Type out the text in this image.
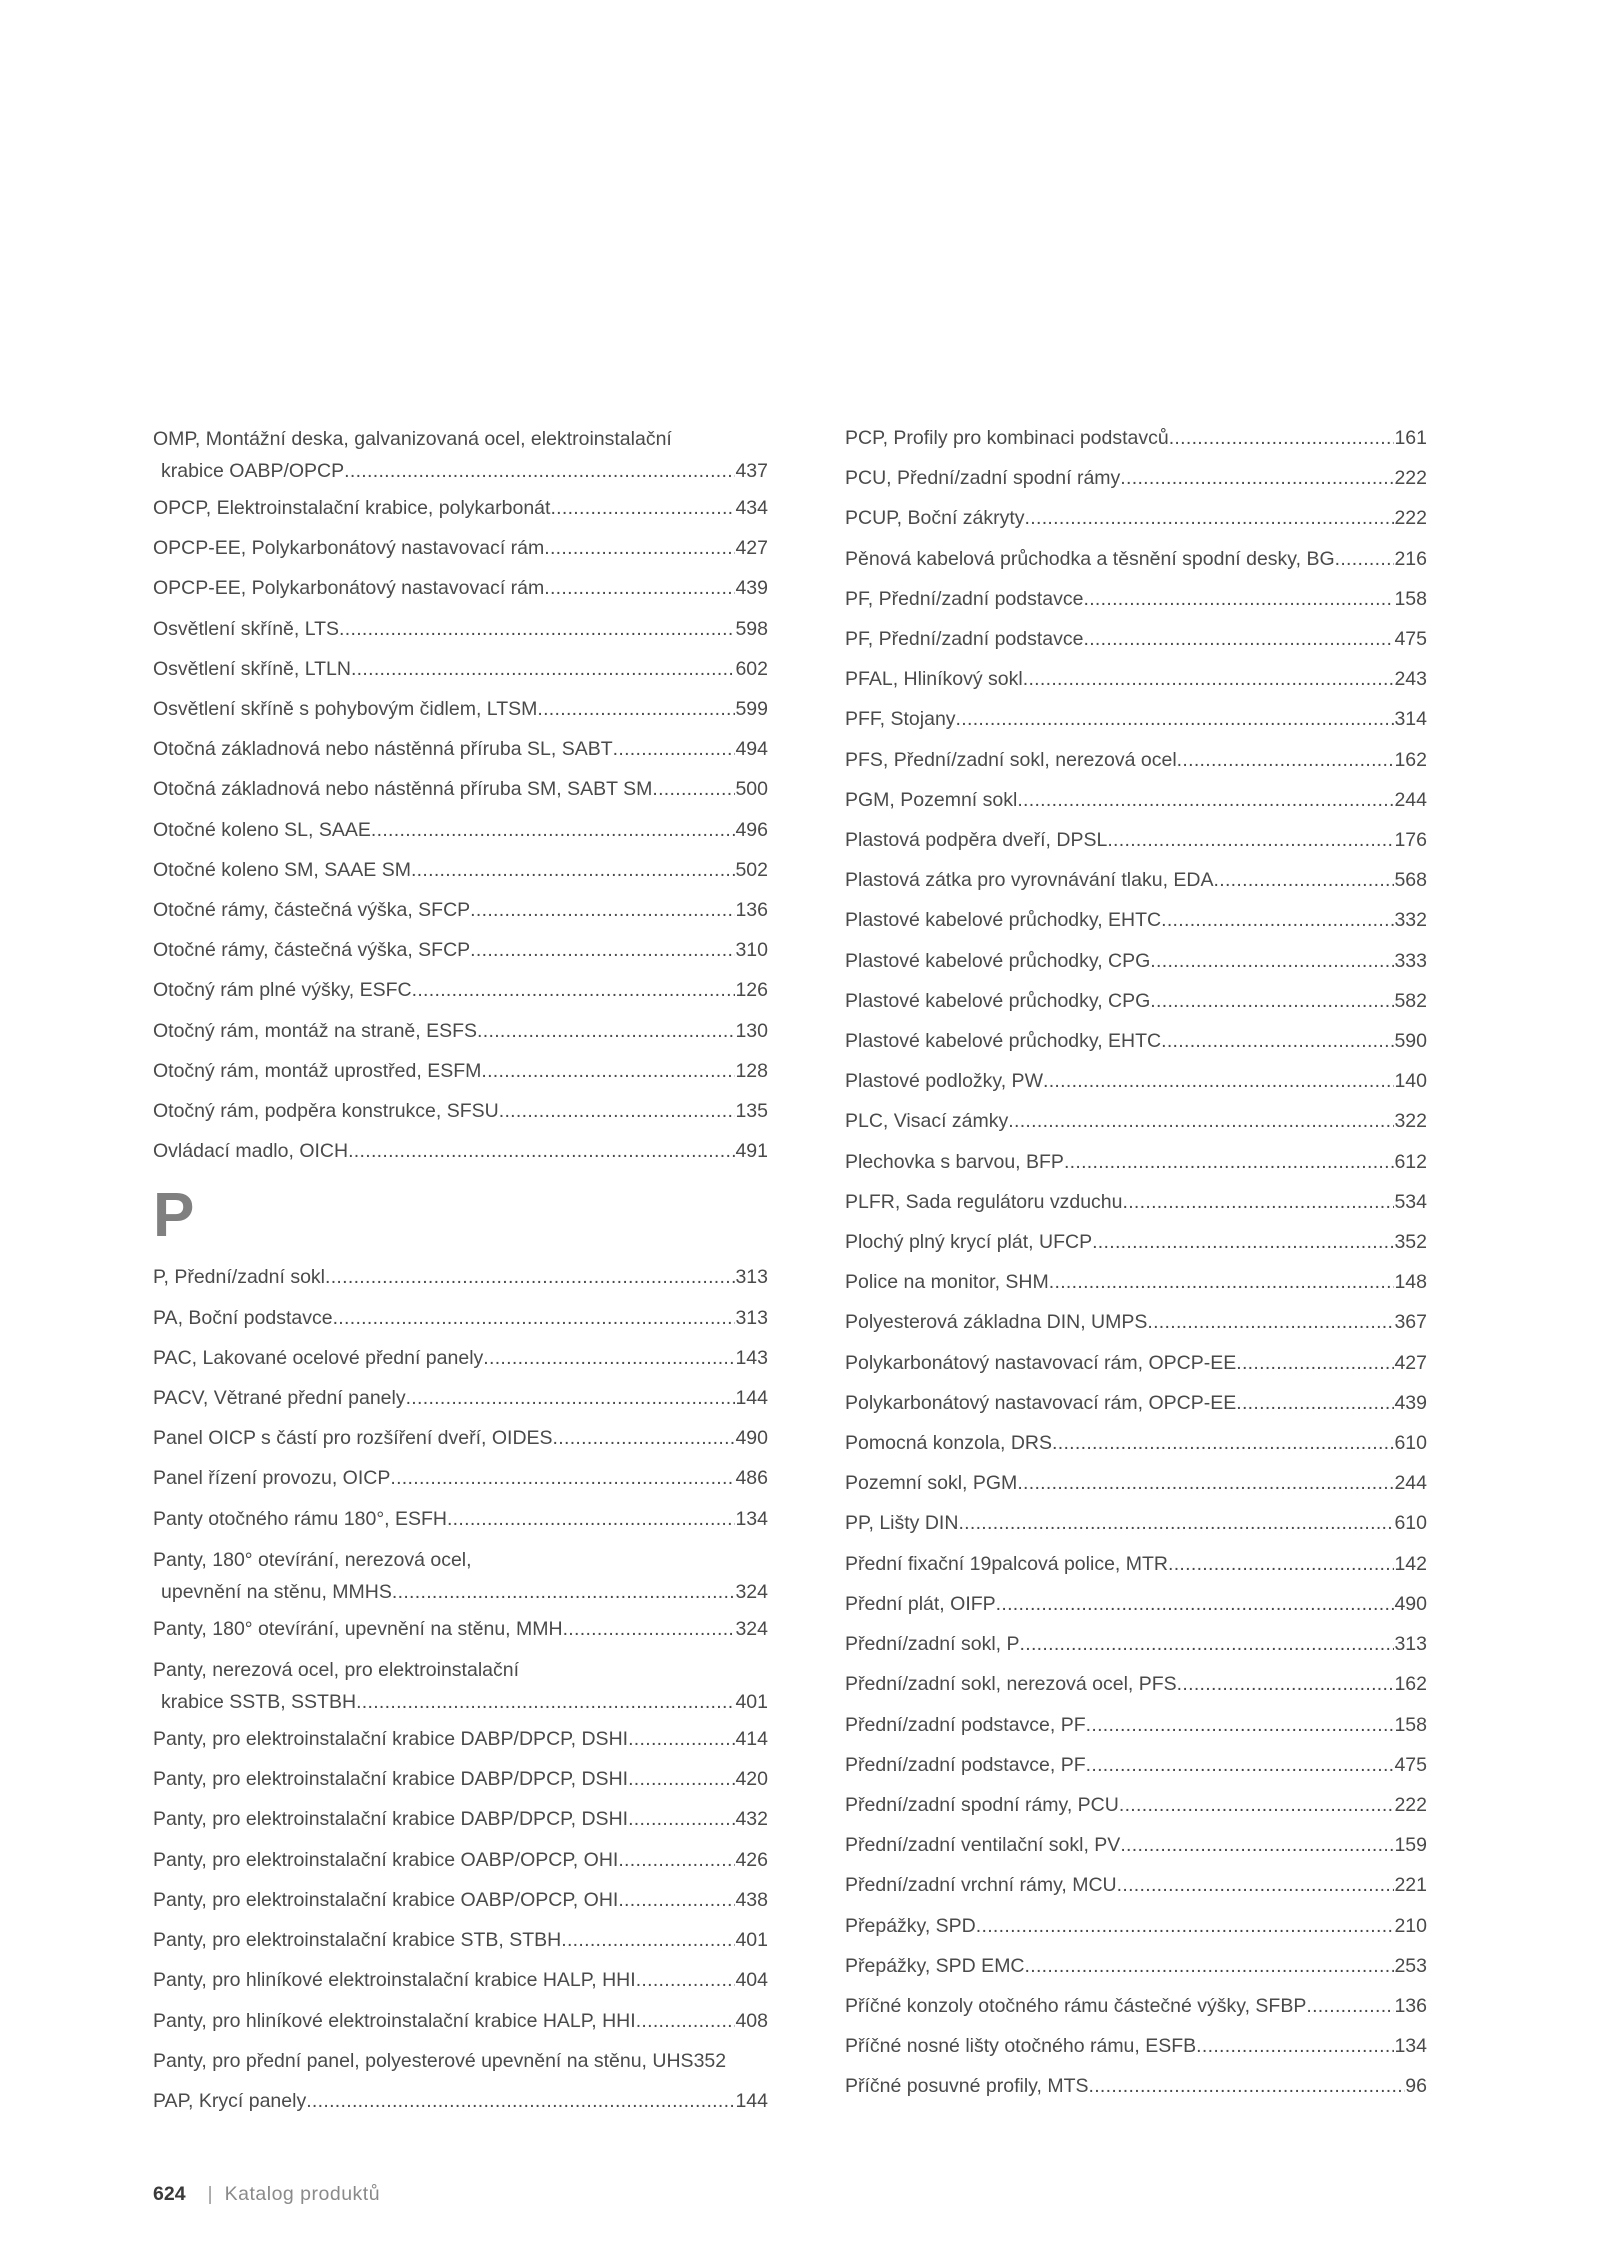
OMP, Montážní deska, galvanizovaná ocel, elektroinstalační
krabice OABP/OPCP .....	437
OPCP, Elektroinstalační krabice, polykarbonát .....	434
OPCP-EE, Polykarbonátový nastavovací rám .....	427
OPCP-EE, Polykarbonátový nastavovací rám .....	439
Osvětlení skříně, LTS .....	598
Osvětlení skříně, LTLN .....	602
Osvětlení skříně s pohybovým čidlem, LTSM .....	599
Otočná základnová nebo nástěnná příruba SL, SABT .....	494
Otočná základnová nebo nástěnná příruba SM, SABT SM .....	500
Otočné koleno SL, SAAE .....	496
Otočné koleno SM, SAAE SM .....	502
Otočné rámy, částečná výška, SFCP .....	136
Otočné rámy, částečná výška, SFCP .....	310
Otočný rám plné výšky, ESFC .....	126
Otočný rám, montáž na straně, ESFS .....	130
Otočný rám, montáž uprostřed, ESFM .....	128
Otočný rám, podpěra konstrukce, SFSU .....	135
Ovládací madlo, OICH .....	491
P
P, Přední/zadní sokl .....	313
PA, Boční podstavce .....	313
PAC, Lakované ocelové přední panely .....	143
PACV, Větrané přední panely .....	144
Panel OICP s částí pro rozšíření dveří, OIDES .....	490
Panel řízení provozu, OICP .....	486
Panty otočného rámu 180°, ESFH .....	134
Panty, 180° otevírání, nerezová ocel,
upevnění na stěnu, MMHS .....	324
Panty, 180° otevírání, upevnění na stěnu, MMH .....	324
Panty, nerezová ocel, pro elektroinstalační
krabice SSTB, SSTBH .....	401
Panty, pro elektroinstalační krabice DABP/DPCP, DSHI .....	414
Panty, pro elektroinstalační krabice DABP/DPCP, DSHI .....	420
Panty, pro elektroinstalační krabice DABP/DPCP, DSHI .....	432
Panty, pro elektroinstalační krabice OABP/OPCP, OHI .....	426
Panty, pro elektroinstalační krabice OABP/OPCP, OHI .....	438
Panty, pro elektroinstalační krabice STB, STBH .....	401
Panty, pro hliníkové elektroinstalační krabice HALP, HHI .....	404
Panty, pro hliníkové elektroinstalační krabice HALP, HHI .....	408
Panty, pro přední panel, polyesterové upevnění na stěnu, UHS352
PAP, Krycí panely .....	144
PCP, Profily pro kombinaci podstavců .....	161
PCU, Přední/zadní spodní rámy .....	222
PCUP, Boční zákryty .....	222
Pěnová kabelová průchodka a těsnění spodní desky, BG .....	216
PF, Přední/zadní podstavce .....	158
PF, Přední/zadní podstavce .....	475
PFAL, Hliníkový sokl .....	243
PFF, Stojany .....	314
PFS, Přední/zadní sokl, nerezová ocel .....	162
PGM, Pozemní sokl .....	244
Plastová podpěra dveří, DPSL .....	176
Plastová zátka pro vyrovnávání tlaku, EDA .....	568
Plastové kabelové průchodky, EHTC .....	332
Plastové kabelové průchodky, CPG .....	333
Plastové kabelové průchodky, CPG .....	582
Plastové kabelové průchodky, EHTC .....	590
Plastové podložky, PW .....	140
PLC, Visací zámky .....	322
Plechovka s barvou, BFP .....	612
PLFR, Sada regulátoru vzduchu .....	534
Plochý plný krycí plát, UFCP .....	352
Police na monitor, SHM .....	148
Polyesterová základna DIN, UMPS .....	367
Polykarbonátový nastavovací rám, OPCP-EE .....	427
Polykarbonátový nastavovací rám, OPCP-EE .....	439
Pomocná konzola, DRS .....	610
Pozemní sokl, PGM .....	244
PP, Lišty DIN .....	610
Přední fixační 19palcová police, MTR .....	142
Přední plát, OIFP .....	490
Přední/zadní sokl, P .....	313
Přední/zadní sokl, nerezová ocel, PFS .....	162
Přední/zadní podstavce, PF .....	158
Přední/zadní podstavce, PF .....	475
Přední/zadní spodní rámy, PCU .....	222
Přední/zadní ventilační sokl, PV .....	159
Přední/zadní vrchní rámy, MCU .....	221
Přepážky, SPD .....	210
Přepážky, SPD EMC .....	253
Příčné konzoly otočného rámu částečné výšky, SFBP .....	136
Příčné nosné lišty otočného rámu, ESFB .....	134
Příčné posuvné profily, MTS .....	96
624 | Katalog produktů
